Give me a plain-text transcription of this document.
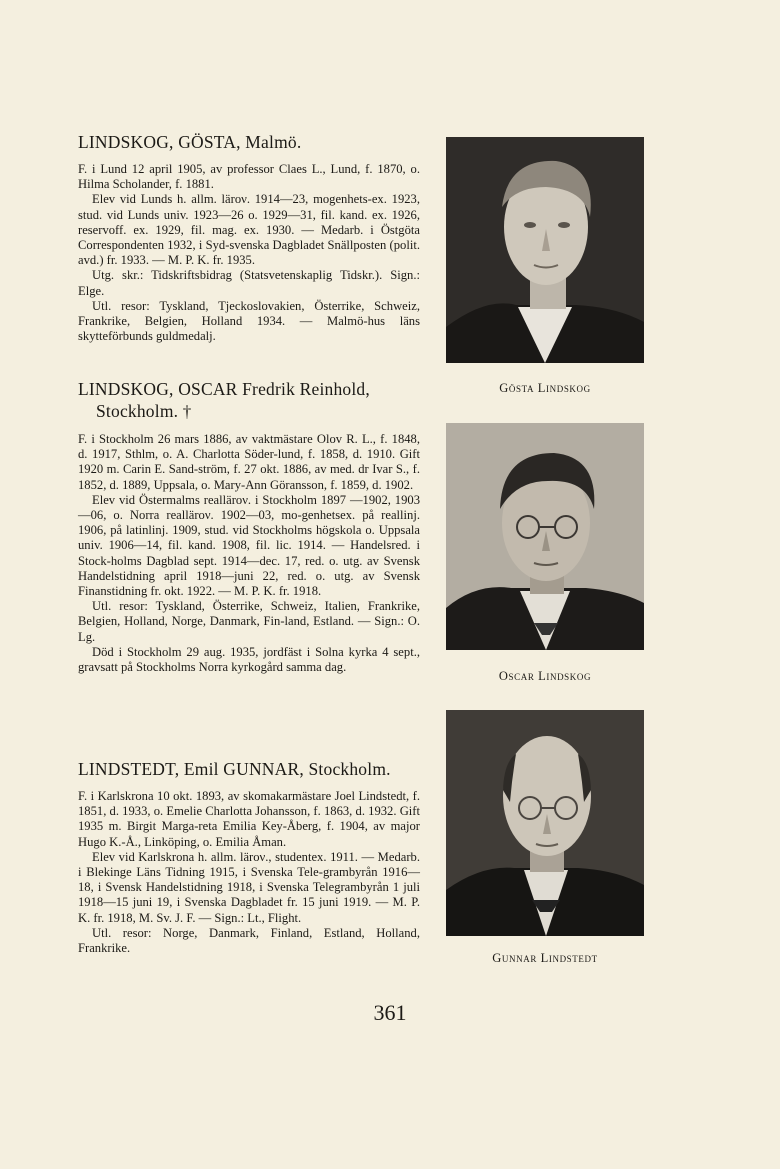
LINDSKOG, GÖSTA, Malmö.

F. i Lund 12 april 1905, av professor Claes L., Lund, f. 1870, o. Hilma Scholander, f. 1881.

Elev vid Lunds h. allm. läroν. 1914—23, mogenhets-ex. 1923, stud. vid Lunds univ. 1923—26 o. 1929—31, fil. kand. ex. 1926, reservoff. ex. 1929, fil. mag. ex. 1930. — Medarb. i Östgöta Correspondenten 1932, i Syd-svenska Dagbladet Snällposten (polit. avd.) fr. 1933. — M. P. K. fr. 1935.

Utg. skr.: Tidskriftsbidrag (Statsvetenskaplig Tidskr.). Sign.: Elge.

Utl. resor: Tyskland, Tjeckoslovakien, Österrike, Schweiz, Frankrike, Belgien, Holland 1934. — Malmö-hus läns skytteförbunds guldmedalj.

Gösta Lindskog
LINDSKOG, OSCAR Fredrik Reinhold,
Stockholm. †

F. i Stockholm 26 mars 1886, av vaktmästare Olov R. L., f. 1848, d. 1917, Sthlm, o. A. Charlotta Söder-lund, f. 1858, d. 1910. Gift 1920 m. Carin E. Sand-ström, f. 27 okt. 1886, av med. dr Ivar S., f. 1852, d. 1889, Uppsala, o. Mary-Ann Göransson, f. 1859, d. 1902.

Elev vid Östermalms realläroν. i Stockholm 1897 —1902, 1903—06, o. Norra realläroν. 1902—03, mo-genhetsex. på reallinj. 1906, på latinlinj. 1909, stud. vid Stockholms högskola o. Uppsala univ. 1906—14, fil. kand. 1908, fil. lic. 1914. — Handelsred. i Stock-holms Dagblad sept. 1914—dec. 17, red. o. utg. av Svensk Handelstidning april 1918—juni 22, red. o. utg. av Svensk Finanstidning fr. okt. 1922. — M. P. K. fr. 1918.

Utl. resor: Tyskland, Österrike, Schweiz, Italien, Frankrike, Belgien, Holland, Norge, Danmark, Fin-land, Estland. — Sign.: O. Lg.

Död i Stockholm 29 aug. 1935, jordfäst i Solna kyrka 4 sept., gravsatt på Stockholms Norra kyrkogård samma dag.

Oscar Lindskog
LINDSTEDT, Emil GUNNAR, Stockholm.

F. i Karlskrona 10 okt. 1893, av skomakarmästare Joel Lindstedt, f. 1851, d. 1933, o. Emelie Charlotta Johansson, f. 1863, d. 1932. Gift 1935 m. Birgit Marga-reta Emilia Key-Åberg, f. 1904, av major Hugo K.-Å., Linköping, o. Emilia Åman.

Elev vid Karlskrona h. allm. läroν., studentex. 1911. — Medarb. i Blekinge Läns Tidning 1915, i Svenska Tele-grambyrån 1916—18, i Svensk Handelstidning 1918, i Svenska Telegrambyrån 1 juli 1918—15 juni 19, i Svenska Dagbladet fr. 15 juni 1919. — M. P. K. fr. 1918, M. Sv. J. F. — Sign.: Lt., Flight.

Utl. resor: Norge, Danmark, Finland, Estland, Holland, Frankrike.

Gunnar Lindstedt
361
